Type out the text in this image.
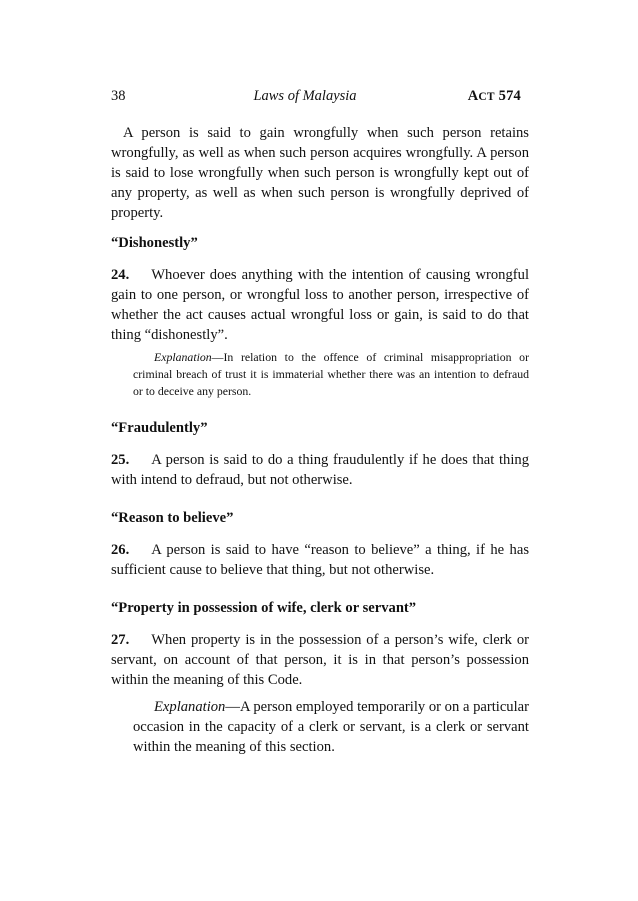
38	Laws of Malaysia	ACT 574

A person is said to gain wrongfully when such person retains wrongfully, as well as when such person acquires wrongfully. A person is said to lose wrongfully when such person is wrongfully kept out of any property, as well as when such person is wrongfully deprived of property.

“Dishonestly”

24. Whoever does anything with the intention of causing wrongful gain to one person, or wrongful loss to another person, irrespective of whether the act causes actual wrongful loss or gain, is said to do that thing “dishonestly”.

Explanation—In relation to the offence of criminal misappropriation or criminal breach of trust it is immaterial whether there was an intention to defraud or to deceive any person.

“Fraudulently”

25. A person is said to do a thing fraudulently if he does that thing with intend to defraud, but not otherwise.

“Reason to believe”

26. A person is said to have “reason to believe” a thing, if he has sufficient cause to believe that thing, but not otherwise.

“Property in possession of wife, clerk or servant”

27. When property is in the possession of a person’s wife, clerk or servant, on account of that person, it is in that person’s possession within the meaning of this Code.

Explanation—A person employed temporarily or on a particular occasion in the capacity of a clerk or servant, is a clerk or servant within the meaning of this section.
